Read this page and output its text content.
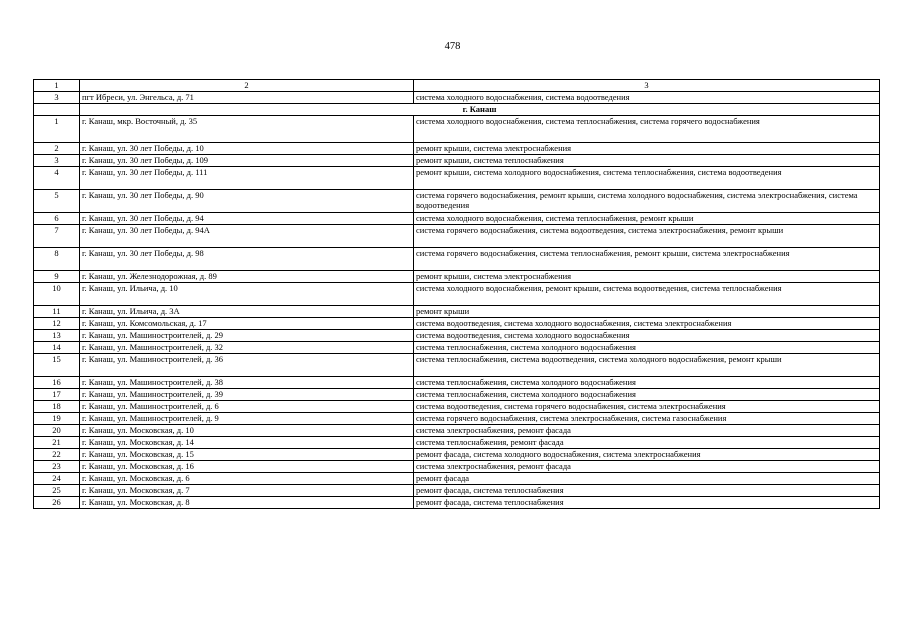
478
1	2	3
3	пгт Ибреси, ул. Энгельса, д. 71	система холодного водоснабжения, система водоотведения
	г. Канаш	
1	г. Канаш, мкр. Восточный, д. 35	система холодного водоснабжения, система теплоснабжения, система горячего водоснабжения
2	г. Канаш, ул. 30 лет Победы, д. 10	ремонт крыши, система электроснабжения
3	г. Канаш, ул. 30 лет Победы, д. 109	ремонт крыши, система теплоснабжения
4	г. Канаш, ул. 30 лет Победы, д. 111	ремонт крыши, система холодного водоснабжения, система теплоснабжения, система водоотведения
5	г. Канаш, ул. 30 лет Победы, д. 90	система горячего водоснабжения, ремонт крыши, система холодного водоснабжения, система электроснабжения, система водоотведения
6	г. Канаш, ул. 30 лет Победы, д. 94	система холодного водоснабжения, система теплоснабжения, ремонт крыши
7	г. Канаш, ул. 30 лет Победы, д. 94А	система горячего водоснабжения, система водоотведения, система электроснабжения, ремонт крыши
8	г. Канаш, ул. 30 лет Победы, д. 98	система горячего водоснабжения, система теплоснабжения, ремонт крыши, система электроснабжения
9	г. Канаш, ул. Железнодорожная, д. 89	ремонт крыши, система электроснабжения
10	г. Канаш, ул. Ильича, д. 10	система холодного водоснабжения, ремонт крыши, система водоотведения, система теплоснабжения
11	г. Канаш, ул. Ильича, д. 3А	ремонт крыши
12	г. Канаш, ул. Комсомольская, д. 17	система водоотведения, система холодного водоснабжения, система электроснабжения
13	г. Канаш, ул. Машиностроителей, д. 29	система водоотведения, система холодного водоснабжения
14	г. Канаш, ул. Машиностроителей, д. 32	система теплоснабжения, система холодного водоснабжения
15	г. Канаш, ул. Машиностроителей, д. 36	система теплоснабжения, система водоотведения, система холодного водоснабжения, ремонт крыши
16	г. Канаш, ул. Машиностроителей, д. 38	система теплоснабжения, система холодного водоснабжения
17	г. Канаш, ул. Машиностроителей, д. 39	система теплоснабжения, система холодного водоснабжения
18	г. Канаш, ул. Машиностроителей, д. 6	система водоотведения, система горячего водоснабжения, система электроснабжения
19	г. Канаш, ул. Машиностроителей, д. 9	система горячего водоснабжения, система электроснабжения, система газоснабжения
20	г. Канаш, ул. Московская, д. 10	система электроснабжения, ремонт фасада
21	г. Канаш, ул. Московская, д. 14	система теплоснабжения, ремонт фасада
22	г. Канаш, ул. Московская, д. 15	ремонт фасада, система холодного водоснабжения, система электроснабжения
23	г. Канаш, ул. Московская, д. 16	система электроснабжения, ремонт фасада
24	г. Канаш, ул. Московская, д. 6	ремонт фасада
25	г. Канаш, ул. Московская, д. 7	ремонт фасада, система теплоснабжения
26	г. Канаш, ул. Московская, д. 8	ремонт фасада, система теплоснабжения
